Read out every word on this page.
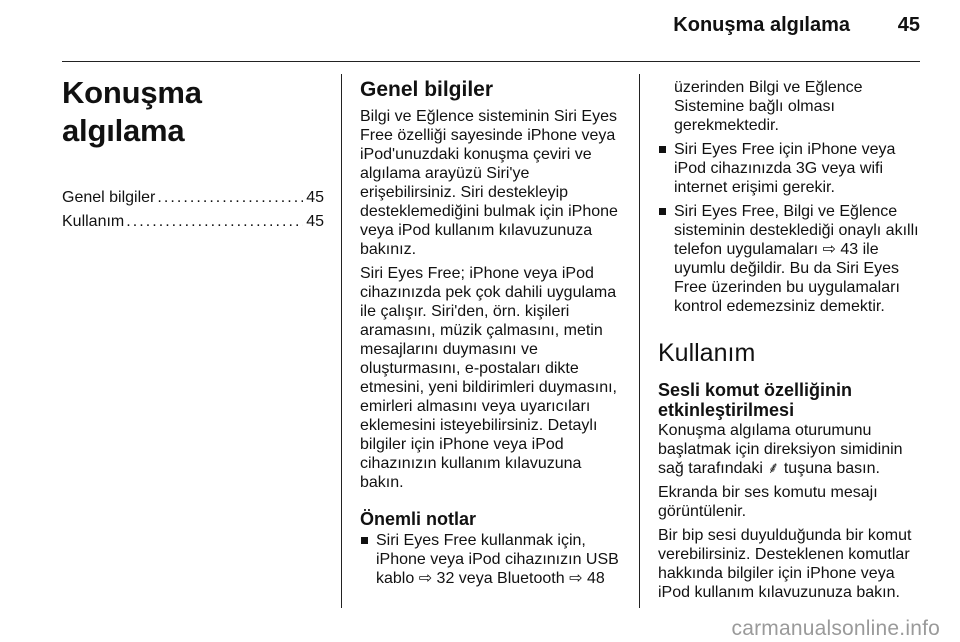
Konuşma algılama	45
Konuşma algılama
Genel bilgiler . . .	45
Kullanım . . .	45
Genel bilgiler

Bilgi ve Eğlence sisteminin Siri Eyes Free özelliği sayesinde iPhone veya iPod'unuzdaki konuşma çeviri ve algılama arayüzü Siri'ye erişebilirsiniz. Siri destekleyip desteklemediğini bulmak için iPhone veya iPod kullanım kılavuzunuza bakınız.

Siri Eyes Free; iPhone veya iPod cihazınızda pek çok dahili uygulama ile çalışır. Siri'den, örn. kişileri aramasını, müzik çalmasını, metin mesajlarını duymasını ve oluşturmasını, e-postaları dikte etmesini, yeni bildirimleri duymasını, emirleri almasını veya uyarıcıları eklemesini isteyebilirsiniz. Detaylı bilgiler için iPhone veya iPod cihazınızın kullanım kılavuzuna bakın.

Önemli notlar
Siri Eyes Free kullanmak için, iPhone veya iPod cihazınızın USB kablo ⇨ 32 veya Bluetooth ⇨ 48

üzerinden Bilgi ve Eğlence Sistemine bağlı olması gerekmektedir.

Siri Eyes Free için iPhone veya iPod cihazınızda 3G veya wifi internet erişimi gerekir.
Siri Eyes Free, Bilgi ve Eğlence sisteminin desteklediği onaylı akıllı telefon uygulamaları ⇨ 43 ile uyumlu değildir. Bu da Siri Eyes Free üzerinden bu uygulamaları kontrol edemezsiniz demektir.
Kullanım
Sesli komut özelliğinin etkinleştirilmesi

Konuşma algılama oturumunu başlatmak için direksiyon simidinin sağ tarafındaki ⸙ tuşuna basın.

Ekranda bir ses komutu mesajı görüntülenir.

Bir bip sesi duyulduğunda bir komut verebilirsiniz. Desteklenen komutlar hakkında bilgiler için iPhone veya iPod kullanım kılavuzunuza bakın.

carmanualsonline.info
